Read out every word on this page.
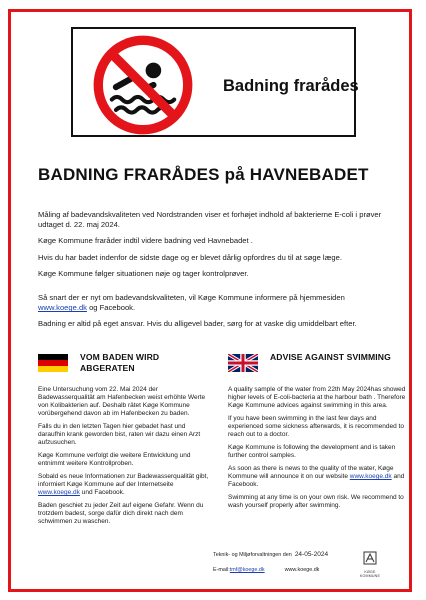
Badning frarådes
BADNING FRARÅDES på HAVNEBADET

Måling af badevandskvaliteten ved Nordstranden viser et forhøjet indhold af bakterierne E-coli i prøver udtaget d. 22. maj 2024.

Køge Kommune fraråder indtil videre badning ved Havnebadet .

Hvis du har badet indenfor de sidste dage og er blevet dårlig opfordres du til at søge læge.

Køge Kommune følger situationen nøje og tager kontrolprøver.

Så snart der er nyt om badevandskvaliteten, vil Køge Kommune informere på hjemmesiden www.koege.dk og Facebook.

Badning er altid på eget ansvar. Hvis du alligevel bader, sørg for at vaske dig umiddelbart efter.

VOM BADEN WIRD ABGERATEN

Eine Untersuchung vom 22. Mai 2024 der Badewasserqualität am Hafenbecken weist erhöhte Werte von Kolibakterien auf. Deshalb rätet Køge Kommune vorübergehend davon ab im Hafenbecken zu baden.

Falls du in den letzten Tagen hier gebadet hast und daraufhin krank geworden bist, raten wir dazu einen Arzt aufzusuchen.

Køge Kommune verfolgt die weitere Entwicklung und entnimmt weitere Kontrollproben.

Sobald es neue Informationen zur Badewasserqualität gibt, informiert Køge Kommune auf der Internetseite www.koege.dk und Facebook.

Baden geschiet zu jeder Zeit auf eigene Gefahr. Wenn du trotzdem badest, sorge dafür dich direkt nach dem schwimmen zu waschen.

ADVISE AGAINST SVIMMING

A quality sample of the water from 22th May 2024has showed higher levels of E-coli-bacteria at the harbour bath . Therefore Køge Kommune advices against swimming in this area.

If you have been swimming in the last few days and experienced some sickness afterwards, it is recommended to reach out to a doctor.

Køge Kommune is following the development and is taken further control samples.

As soon as there is news to the quality of the water, Køge Kommune will announce it on our website www.koege.dk and Facebook.

Swimming at any time is on your own risk. We recommend to wash yourself properly after swimming.

Teknik- og Miljøforvaltningen den 24-05-2024
E-mail: tmf@koege.dk	www.koege.dk	KØGE KOMMUNE
